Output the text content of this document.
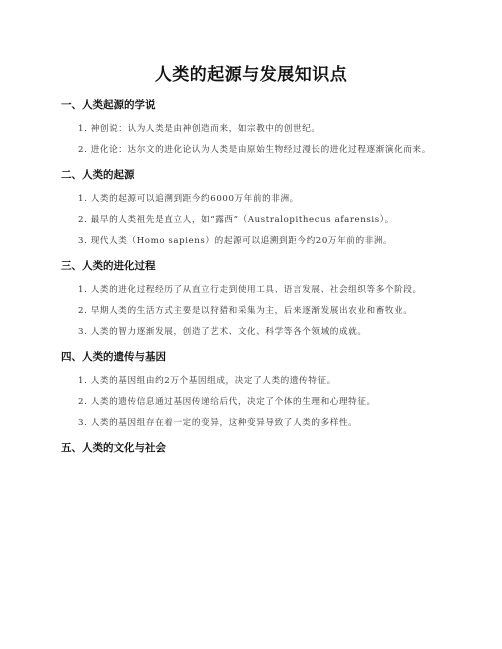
人类的起源与发展知识点
一、人类起源的学说

1. 神创说：认为人类是由神创造而来，如宗教中的创世纪。

2. 进化论：达尔文的进化论认为人类是由原始生物经过漫长的进化过程逐渐演化而来。

二、人类的起源

1. 人类的起源可以追溯到距今约6000万年前的非洲。

2. 最早的人类祖先是直立人，如“露西”（Australopithecus afarensis）。

3. 现代人类（Homo sapiens）的起源可以追溯到距今约20万年前的非洲。

三、人类的进化过程

1. 人类的进化过程经历了从直立行走到使用工具、语言发展、社会组织等多个阶段。

2. 早期人类的生活方式主要是以狩猎和采集为主，后来逐渐发展出农业和畜牧业。

3. 人类的智力逐渐发展，创造了艺术、文化、科学等各个领域的成就。

四、人类的遗传与基因

1. 人类的基因组由约2万个基因组成，决定了人类的遗传特征。

2. 人类的遗传信息通过基因传递给后代，决定了个体的生理和心理特征。

3. 人类的基因组存在着一定的变异，这种变异导致了人类的多样性。

五、人类的文化与社会
